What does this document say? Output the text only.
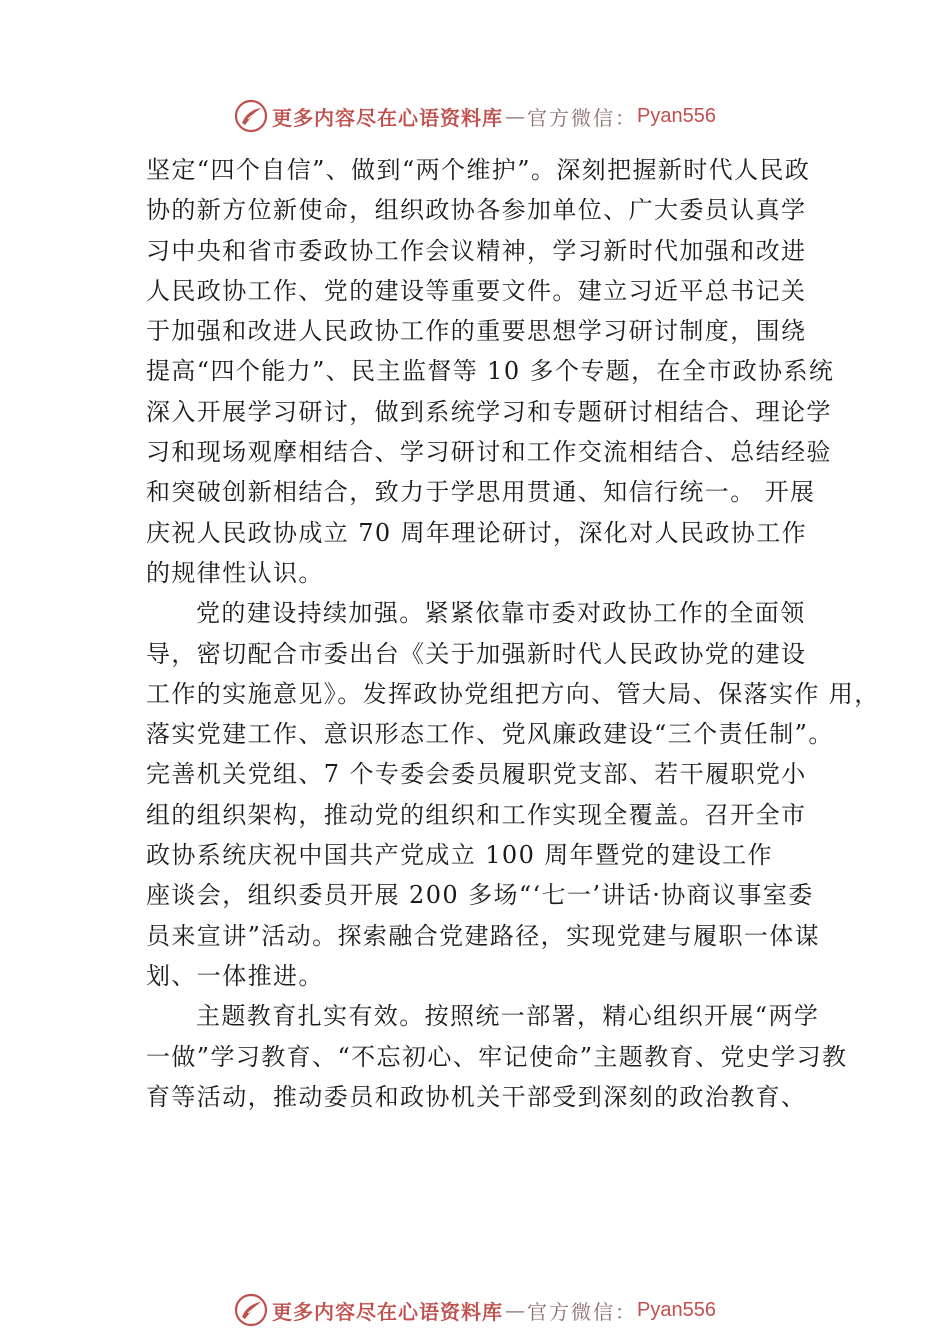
更多内容尽在心语资料库 — 官方微信： Pyan556
坚定“四个自信”、做到“两个维护”。深刻把握新时代人民政
协的新方位新使命，组织政协各参加单位、广大委员认真学
习中央和省市委政协工作会议精神，学习新时代加强和改进
人民政协工作、党的建设等重要文件。建立习近平总书记关
于加强和改进人民政协工作的重要思想学习研讨制度，围绕
提高“四个能力”、民主监督等 10 多个专题，在全市政协系统
深入开展学习研讨，做到系统学习和专题研讨相结合、理论学
习和现场观摩相结合、学习研讨和工作交流相结合、总结经验
和突破创新相结合，致力于学思用贯通、知信行统一。 开展
庆祝人民政协成立 70 周年理论研讨，深化对人民政协工作
的规律性认识。
党的建设持续加强。紧紧依靠市委对政协工作的全面领
导，密切配合市委出台《关于加强新时代人民政协党的建设
工作的实施意见》。发挥政协党组把方向、管大局、保落实作 用，
落实党建工作、意识形态工作、党风廉政建设“三个责任制”。
完善机关党组、7 个专委会委员履职党支部、若干履职党小
组的组织架构，推动党的组织和工作实现全覆盖。召开全市
政协系统庆祝中国共产党成立 100 周年暨党的建设工作
座谈会，组织委员开展 200 多场“‘七一’讲话·协商议事室委
员来宣讲”活动。探索融合党建路径，实现党建与履职一体谋
划、一体推进。
主题教育扎实有效。按照统一部署，精心组织开展“两学
一做”学习教育、“不忘初心、牢记使命”主题教育、党史学习教
育等活动，推动委员和政协机关干部受到深刻的政治教育、
更多内容尽在心语资料库 — 官方微信： Pyan556
